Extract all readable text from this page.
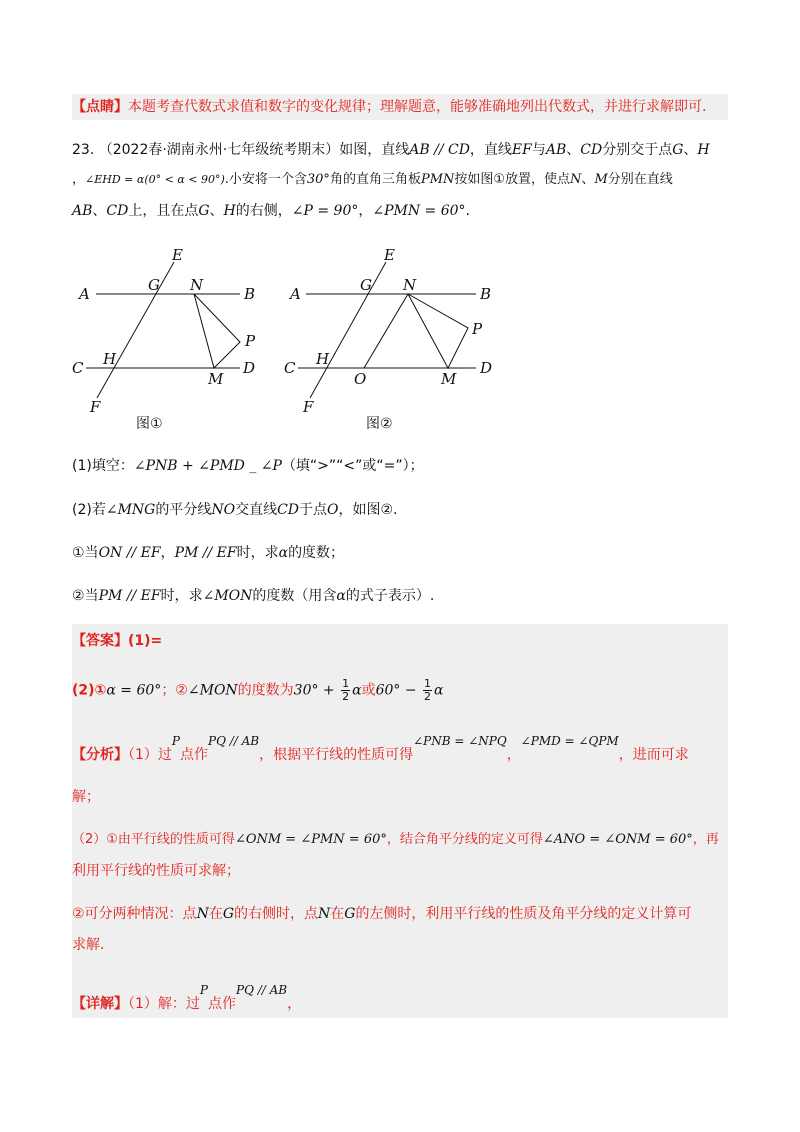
【点睛】本题考查代数式求值和数字的变化规律；理解题意，能够准确地列出代数式，并进行求解即可.
23. （2022春·湖南永州·七年级统考期末）如图，直线AB // CD，直线EF与AB、CD分别交于点G、H
，∠EHD = α(0° < α < 90°).小安将一个含30°角的直角三角板PMN按如图①放置，使点N、M分别在直线
AB、CD上，且在点G、H的右侧，∠P = 90°，∠PMN = 60°.
A	B
C	D
E
F
G
H
N
M
P
图①
A	B
C	D
E
F
G
H
N
M
P
O
图②
(1)填空：∠PNB + ∠PMD _ ∠P（填“>”“<”或“=”）；
(2)若∠MNG的平分线NO交直线CD于点O，如图②.
①当ON // EF，PM // EF时，求α的度数；
②当PM // EF时，求∠MON的度数（用含α的式子表示）.
【答案】(1)=
(2)①α = 60°；②∠MON的度数为$30^\circ + \frac{1}{2}$ α或$60^\circ - \frac{1}{2}$ α
【分析】（1）过P点作PQ // AB，根据平行线的性质可得∠PNB = ∠NPQ，∠PMD = ∠QPM，进而可求
解；
（2）①由平行线的性质可得∠ONM = ∠PMN = 60°，结合角平分线的定义可得∠ANO = ∠ONM = 60°，再
利用平行线的性质可求解；
②可分两种情况：点N在G的右侧时，点N在G的左侧时，利用平行线的性质及角平分线的定义计算可
求解.
【详解】（1）解：过P点作PQ // AB，
